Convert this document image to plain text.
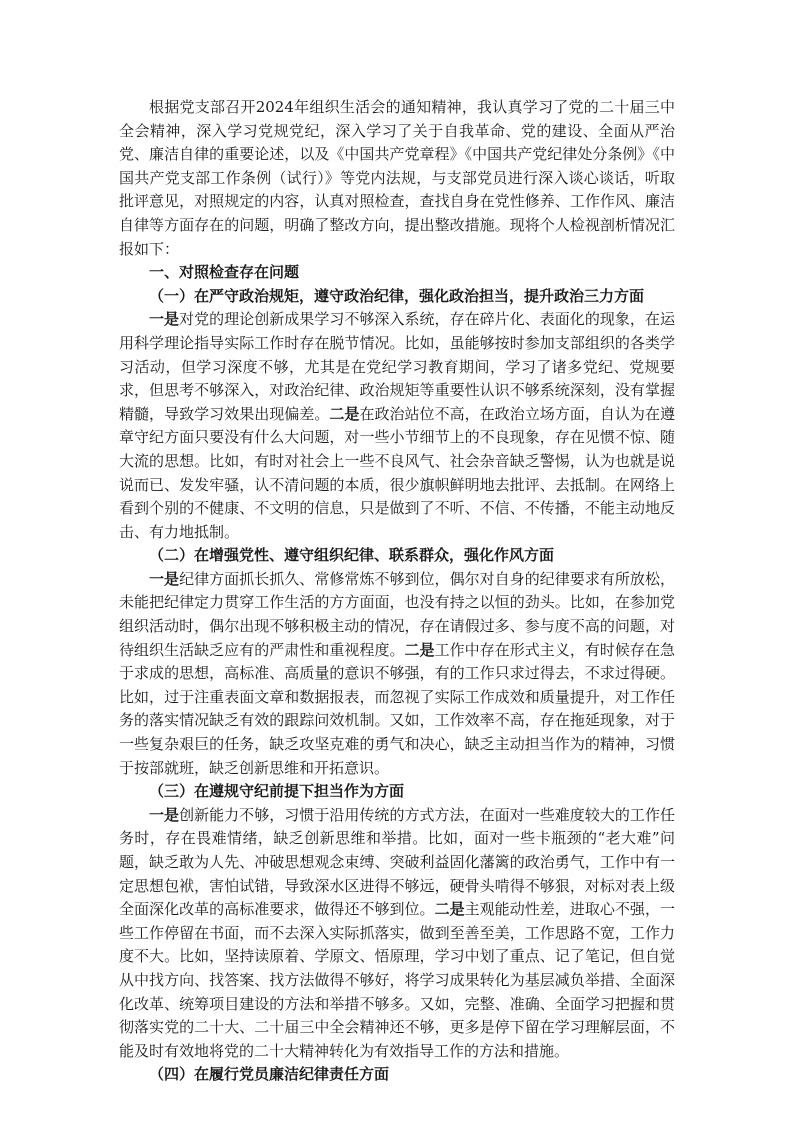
根据党支部召开2024年组织生活会的通知精神，我认真学习了党的二十届三中全会精神，深入学习党规党纪，深入学习了关于自我革命、党的建设、全面从严治党、廉洁自律的重要论述，以及《中国共产党章程》《中国共产党纪律处分条例》《中国共产党支部工作条例（试行）》等党内法规，与支部党员进行深入谈心谈话，听取批评意见，对照规定的内容，认真对照检查，查找自身在党性修养、工作作风、廉洁自律等方面存在的问题，明确了整改方向，提出整改措施。现将个人检视剖析情况汇报如下：

一、对照检查存在问题

（一）在严守政治规矩，遵守政治纪律，强化政治担当，提升政治三力方面

一是对党的理论创新成果学习不够深入系统，存在碎片化、表面化的现象，在运用科学理论指导实际工作时存在脱节情况。比如，虽能够按时参加支部组织的各类学习活动，但学习深度不够，尤其是在党纪学习教育期间，学习了诸多党纪、党规要求，但思考不够深入，对政治纪律、政治规矩等重要性认识不够系统深刻，没有掌握精髓，导致学习效果出现偏差。二是在政治站位不高，在政治立场方面，自认为在遵章守纪方面只要没有什么大问题，对一些小节细节上的不良现象，存在见惯不惊、随大流的思想。比如，有时对社会上一些不良风气、社会杂音缺乏警惕，认为也就是说说而已、发发牢骚，认不清问题的本质，很少旗帜鲜明地去批评、去抵制。在网络上看到个别的不健康、不文明的信息，只是做到了不听、不信、不传播，不能主动地反击、有力地抵制。

（二）在增强党性、遵守组织纪律、联系群众，强化作风方面

一是纪律方面抓长抓久、常修常炼不够到位，偶尔对自身的纪律要求有所放松，未能把纪律定力贯穿工作生活的方方面面，也没有持之以恒的劲头。比如，在参加党组织活动时，偶尔出现不够积极主动的情况，存在请假过多、参与度不高的问题，对待组织生活缺乏应有的严肃性和重视程度。二是工作中存在形式主义，有时候存在急于求成的思想，高标准、高质量的意识不够强，有的工作只求过得去，不求过得硬。比如，过于注重表面文章和数据报表，而忽视了实际工作成效和质量提升，对工作任务的落实情况缺乏有效的跟踪问效机制。又如，工作效率不高，存在拖延现象，对于一些复杂艰巨的任务，缺乏攻坚克难的勇气和决心，缺乏主动担当作为的精神，习惯于按部就班，缺乏创新思维和开拓意识。

（三）在遵规守纪前提下担当作为方面

一是创新能力不够，习惯于沿用传统的方式方法，在面对一些难度较大的工作任务时，存在畏难情绪，缺乏创新思维和举措。比如，面对一些卡瓶颈的“老大难”问题，缺乏敢为人先、冲破思想观念束缚、突破利益固化藩篱的政治勇气，工作中有一定思想包袱，害怕试错，导致深水区进得不够远，硬骨头啃得不够狠，对标对表上级全面深化改革的高标准要求，做得还不够到位。二是主观能动性差，进取心不强，一些工作停留在书面，而不去深入实际抓落实，做到至善至美，工作思路不宽，工作力度不大。比如，坚持读原着、学原文、悟原理，学习中划了重点、记了笔记，但自觉从中找方向、找答案、找方法做得不够好，将学习成果转化为基层减负举措、全面深化改革、统筹项目建设的方法和举措不够多。又如，完整、准确、全面学习把握和贯彻落实党的二十大、二十届三中全会精神还不够，更多是停下留在学习理解层面，不能及时有效地将党的二十大精神转化为有效指导工作的方法和措施。

（四）在履行党员廉洁纪律责任方面
